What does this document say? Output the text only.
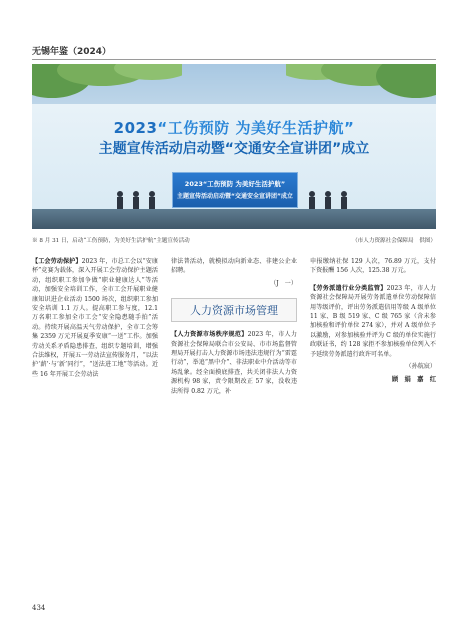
无锡年鉴（2024）
2023“工伤预防 为美好生活护航”
主题宣传活动启动暨“交通安全宣讲团”成立
2023“工伤预防 为美好生活护航”
主题宣传活动启动暨“交通安全宣讲团”成立
※ 8 月 31 日，启动“工伤预防，为美好生活护航”主题宣传活动	（市人力资源社会保障局　供图）

【工会劳动保护】2023 年，市总工会以“安康杯”竞赛为载体，深入开展工会劳动保护主题活动，组织职工参加争做“职业健康达人”等活动，加强安全培训工作，全市工会开展职业健康知识进企业活动 1500 场次，组织职工参加安全培训 1.1 万人。提高职工参与度，12.1 万名职工参加全市工会“安全隐患随手拍”活动。持续开展高温天气劳动保护，全市工会筹集 2359 万元开展夏季安康“一送”工作。加强劳动关系矛盾隐患排查，组织专题培训，增强合法维权，开展五一劳动法宣传服务月，“以法护‘薪’·与‘新’同行”，“送法进工地”等活动。近些 16 年开展工会劳动法

律法普活动，就模拟动向新业态、非建公企业招聘。

（J　一）
人力资源市场管理

【人力资源市场秩序规范】2023 年，市人力资源社会保障局联合市公安局、市市场监督管理局开展打击人力资源市场违法违规行为“雷霆行动”，举追“黑中介”、非法职业中介活动等市场乱象。经全面摸底排查，共关闭非法人力资源机构 98 家，责令限期改正 57 家，没收违法所得 0.82 万元，补

申报缴纳社保 129 人次，76.89 万元，支付下资报酬 156 人次，125.38 万元。

【劳务派遣行业分类监管】2023 年，市人力资源社会保障局开展劳务派遣单位劳动保障信用等级评价，评出劳务派遣信用等级 A 级单位 11 家、B 级 519 家、C 级 765 家（含未参加核验和评价单位 274 家），并对 A 级单位予以激励，对参加核验并评为 C 级的单位实施行政联证书，约 128 家拒不参加核验单位列入不予延续劳务派遣行政许可名单。

（孙航宸）
顾　娟　嘉　红
434
